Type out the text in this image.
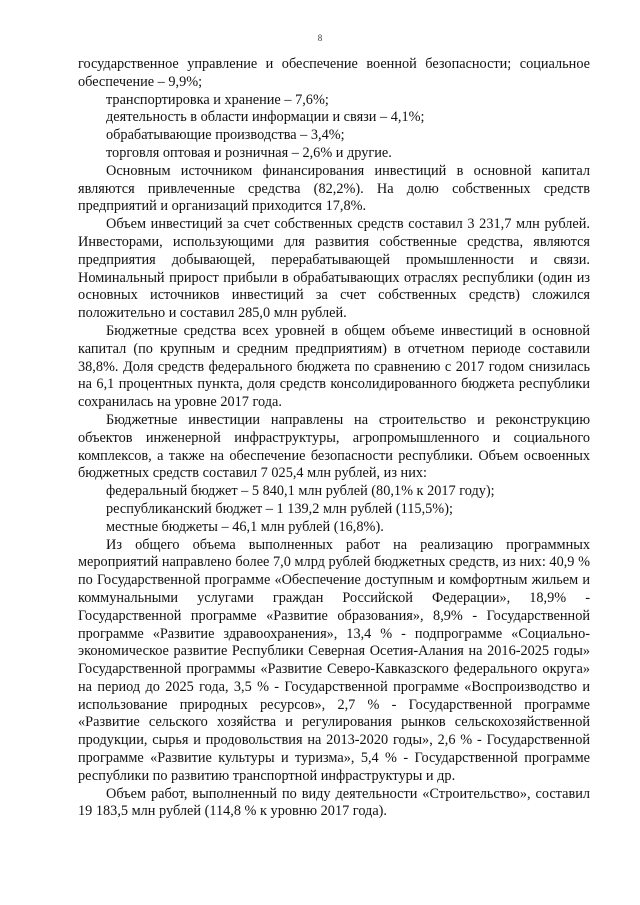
8

государственное управление и обеспечение военной безопасности; социальное обеспечение – 9,9%;

транспортировка и хранение – 7,6%;

деятельность в области информации и связи – 4,1%;

обрабатывающие производства – 3,4%;

торговля оптовая и розничная – 2,6% и другие.

Основным источником финансирования инвестиций в основной капитал являются привлеченные средства (82,2%). На долю собственных средств предприятий и организаций приходится 17,8%.

Объем инвестиций за счет собственных средств составил 3 231,7 млн рублей. Инвесторами, использующими для развития собственные средства, являются предприятия добывающей, перерабатывающей промышленности и связи. Номинальный прирост прибыли в обрабатывающих отраслях республики (один из основных источников инвестиций за счет собственных средств) сложился положительно и составил 285,0 млн рублей.

Бюджетные средства всех уровней в общем объеме инвестиций в основной капитал (по крупным и средним предприятиям) в отчетном периоде составили 38,8%. Доля средств федерального бюджета по сравнению с 2017 годом снизилась на 6,1 процентных пункта, доля средств консолидированного бюджета республики сохранилась на уровне 2017 года.

Бюджетные инвестиции направлены на строительство и реконструкцию объектов инженерной инфраструктуры, агропромышленного и социального комплексов, а также на обеспечение безопасности республики. Объем освоенных бюджетных средств составил 7 025,4 млн рублей, из них:

федеральный бюджет – 5 840,1 млн рублей (80,1% к 2017 году);

республиканский бюджет – 1 139,2 млн рублей (115,5%);

местные бюджеты – 46,1 млн рублей (16,8%).

Из общего объема выполненных работ на реализацию программных мероприятий направлено более 7,0 млрд рублей бюджетных средств, из них: 40,9 % по Государственной программе «Обеспечение доступным и комфортным жильем и коммунальными услугами граждан Российской Федерации», 18,9% - Государственной программе «Развитие образования», 8,9% - Государственной программе «Развитие здравоохранения», 13,4 % - подпрограмме «Социально-экономическое развитие Республики Северная Осетия-Алания на 2016-2025 годы» Государственной программы «Развитие Северо-Кавказского федерального округа» на период до 2025 года, 3,5 % - Государственной программе «Воспроизводство и использование природных ресурсов», 2,7 % - Государственной программе «Развитие сельского хозяйства и регулирования рынков сельскохозяйственной продукции, сырья и продовольствия на 2013-2020 годы», 2,6 % - Государственной программе «Развитие культуры и туризма», 5,4 % - Государственной программе республики по развитию транспортной инфраструктуры и др.

Объем работ, выполненный по виду деятельности «Строительство», составил 19 183,5 млн рублей (114,8 % к уровню 2017 года).
